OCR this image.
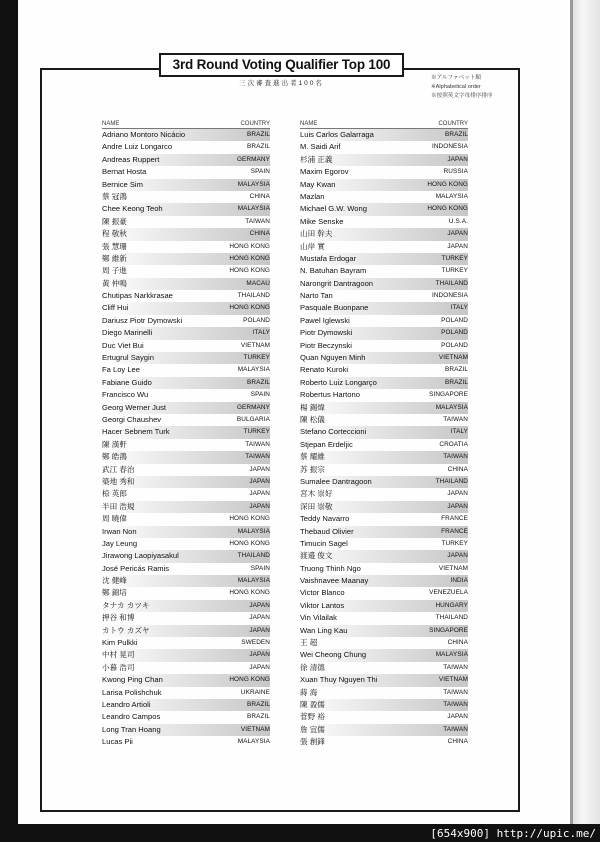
3rd Round Voting Qualifier Top 100
三次審査進出者100名
※アルファベット順
※Alphabetical order
※按照英文字母排序排序
NAME	COUNTRY
Adriano Montoro Nicácio	BRAZIL
Andre Luiz Longarco	BRAZIL
Andreas Ruppert	GERMANY
Bernat Hosta	SPAIN
Bernice Sim	MALAYSIA
蔡 冠鴻	CHINA
Chee Keong Teoh	MALAYSIA
陳 振豪	TAIWAN
程 敬秋	CHINA
張 慧珊	HONG KONG
鄭 維新	HONG KONG
周 子進	HONG KONG
黃 仲鳴	MACAU
Chutipas Narkkrasae	THAILAND
Cliff Hui	HONG KONG
Dariusz Piotr Dymowski	POLAND
Diego Marinelli	ITALY
Duc Viet Bui	VIETNAM
Ertugrul Saygin	TURKEY
Fa Loy Lee	MALAYSIA
Fabiane Guido	BRAZIL
Francisco Wu	SPAIN
Georg Werner Just	GERMANY
Georgi Chaushev	BULGARIA
Hacer Sebnem Turk	TURKEY
陳 漢軒	TAIWAN
鄭 皓鴻	TAIWAN
武江 春治	JAPAN
築地 秀和	JAPAN
椋 英郎	JAPAN
半田 浩規	JAPAN
周 曉偉	HONG KONG
Irwan Non	MALAYSIA
Jay Leung	HONG KONG
Jirawong Laopiyasakul	THAILAND
José Pericás Ramis	SPAIN
沈 健峰	MALAYSIA
鄭 錦培	HONG KONG
タナカ カツキ	JAPAN
押谷 和博	JAPAN
カトウ カズヤ	JAPAN
Kim Pulkki	SWEDEN
中村 晃司	JAPAN
小暮 浩司	JAPAN
Kwong Ping Chan	HONG KONG
Larisa Polishchuk	UKRAINE
Leandro Artioli	BRAZIL
Leandro Campos	BRAZIL
Long Tran Hoang	VIETNAM
Lucas Pii	MALAYSIA
NAME	COUNTRY
Luis Carlos Galarraga	BRAZIL
M. Saidi Arif	INDONESIA
杉浦 正義	JAPAN
Maxim Egorov	RUSSIA
May Kwan	HONG KONG
Mazlan	MALAYSIA
Michael G.W. Wong	HONG KONG
Mike Senske	U.S.A.
山田 幹夫	JAPAN
山岸 實	JAPAN
Mustafa Erdogar	TURKEY
N. Batuhan Bayram	TURKEY
Narongrit Dantragoon	THAILAND
Narto Tan	INDONESIA
Pasquale Buonpane	ITALY
Pawel Iglewski	POLAND
Piotr Dymowski	POLAND
Piotr Beczynski	POLAND
Quan Nguyen Minh	VIETNAM
Renato Kuroki	BRAZIL
Roberto Luiz Longarço	BRAZIL
Robertus Hartono	SINGAPORE
楊 錫煒	MALAYSIA
陳 松儀	TAIWAN
Stefano Corteccioni	ITALY
Stjepan Erdeljic	CROATIA
蔡 耀維	TAIWAN
苏 振宗	CHINA
Sumalee Dantragoon	THAILAND
宮木 崇好	JAPAN
深田 崇敬	JAPAN
Teddy Navarro	FRANCE
Thebaud Olivier	FRANCE
Timucin Sagel	TURKEY
渡邉 俊文	JAPAN
Truong Thinh Ngo	VIETNAM
Vaishnavee Maanay	INDIA
Victor Blanco	VENEZUELA
Viktor Lantos	HUNGARY
Vin Vilailak	THAILAND
Wan Ling Kau	SINGAPORE
王 超	CHINA
Wei Cheong Chung	MALAYSIA
徐 清德	TAIWAN
Xuan Thuy Nguyen Thi	VIETNAM
蒔 海	TAIWAN
陳 盈儒	TAIWAN
菅野 裕	JAPAN
詹 宜儒	TAIWAN
張 創鋒	CHINA
[654x900] http://upic.me/
